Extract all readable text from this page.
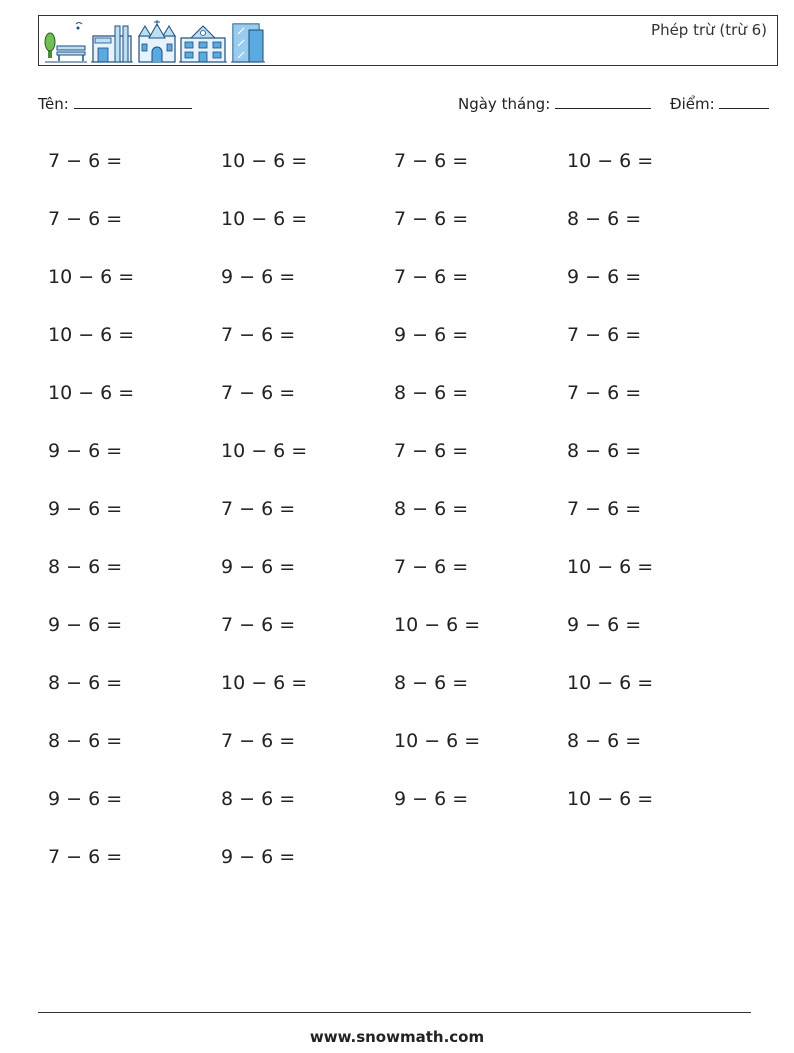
Phép trừ (trừ 6)
Tên:	Ngày tháng:	Điểm:
7 − 6 =	10 − 6 =	7 − 6 =	10 − 6 =
7 − 6 =	10 − 6 =	7 − 6 =	8 − 6 =
10 − 6 =	9 − 6 =	7 − 6 =	9 − 6 =
10 − 6 =	7 − 6 =	9 − 6 =	7 − 6 =
10 − 6 =	7 − 6 =	8 − 6 =	7 − 6 =
9 − 6 =	10 − 6 =	7 − 6 =	8 − 6 =
9 − 6 =	7 − 6 =	8 − 6 =	7 − 6 =
8 − 6 =	9 − 6 =	7 − 6 =	10 − 6 =
9 − 6 =	7 − 6 =	10 − 6 =	9 − 6 =
8 − 6 =	10 − 6 =	8 − 6 =	10 − 6 =
8 − 6 =	7 − 6 =	10 − 6 =	8 − 6 =
9 − 6 =	8 − 6 =	9 − 6 =	10 − 6 =
7 − 6 =	9 − 6 =
www.snowmath.com
